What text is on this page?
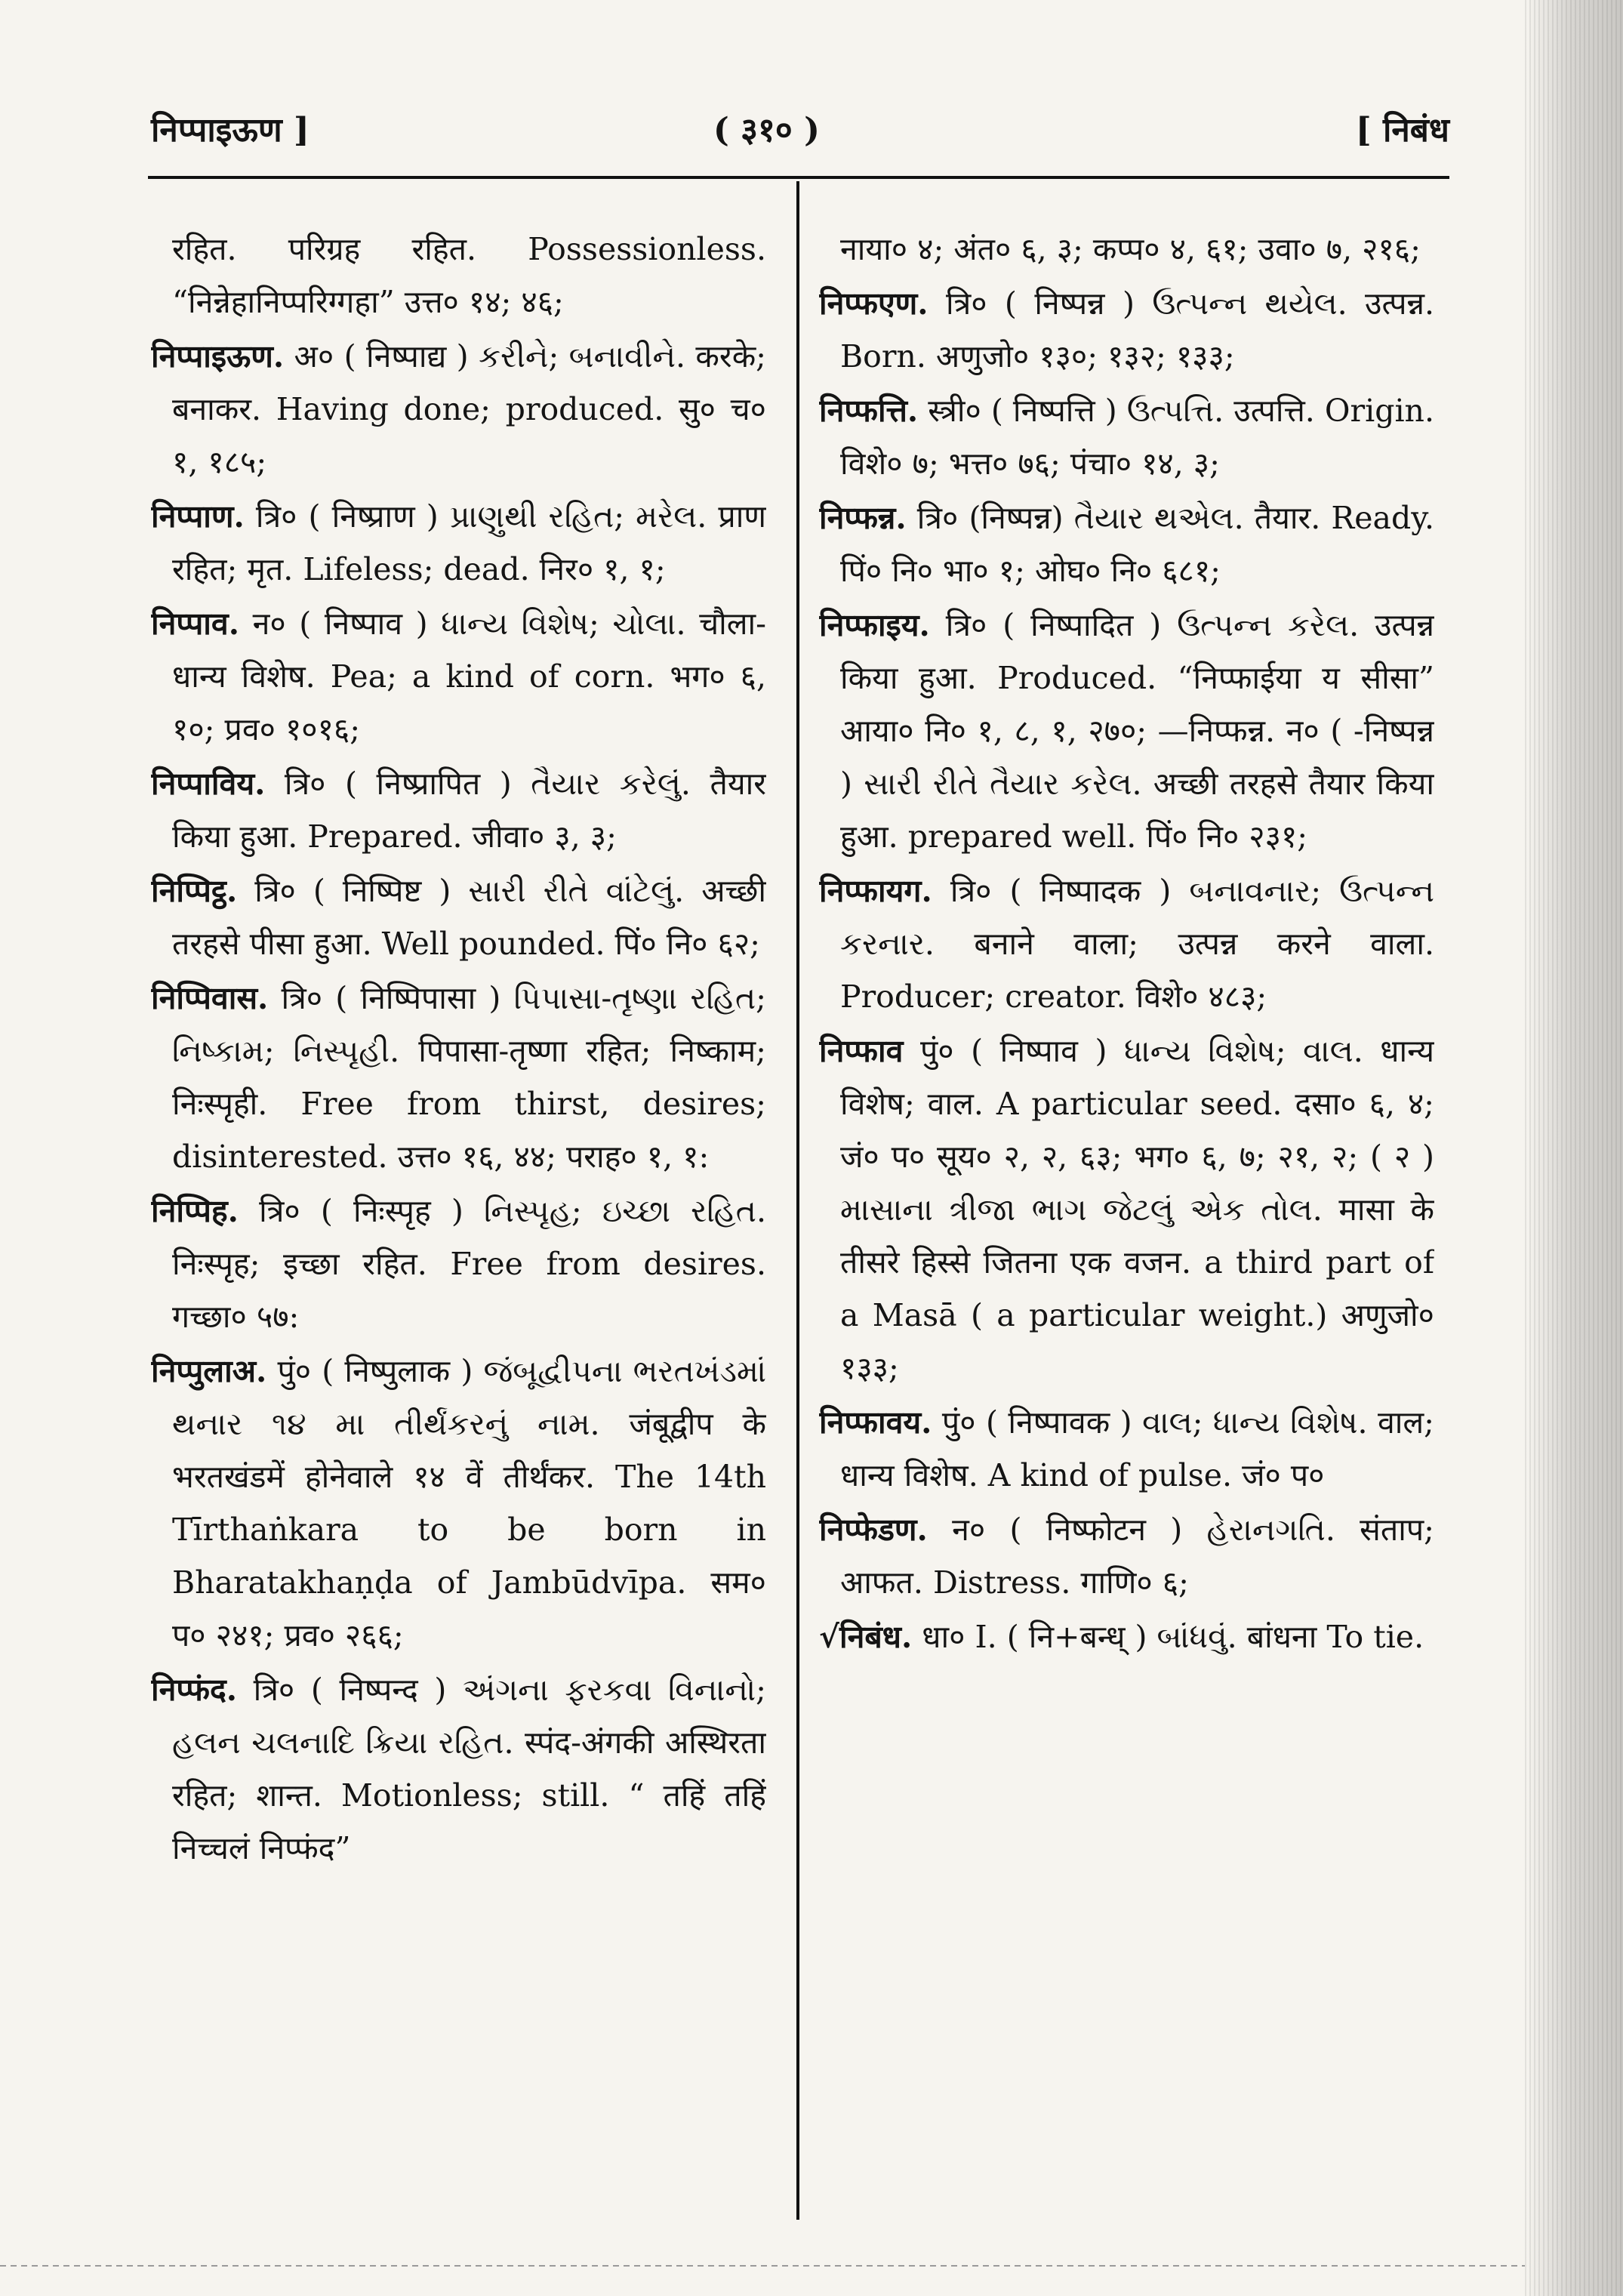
निप्पाइऊण ]	( ३१० )	[ निबंध
रहित. परिग्रह रहित. Possessionless. “निन्नेहानिप्परिग्गहा” उत्त० १४; ४६;
निप्पाइऊण. अ० ( निष्पाद्य ) કરીને; બનાવીને. करके; बनाकर. Having done; produced. सु० च० १, १८५;
निप्पाण. त्रि० ( निष्प्राण ) પ્રાણુથી રહિત; મરેલ. प्राण रहित; मृत. Lifeless; dead. निर० १, १;
निप्पाव. न० ( निष्पाव ) ધાન્ય વિશેષ; ચોલા. चौला-धान्य विशेष. Pea; a kind of corn. भग० ६, १०; प्रव० १०१६;
निप्पाविय. त्रि० ( निष्प्रापित ) તૈયાર કરેલું. तैयार किया हुआ. Prepared. जीवा० ३, ३;
निप्पिट्ठ. त्रि० ( निष्पिष्ट ) સારી રીતે વાંટેલું. अच्छी तरहसे पीसा हुआ. Well pounded. पिं० नि० ६२;
निप्पिवास. त्रि० ( निष्पिपासा ) પિપાસા-તૃષ્ણા રહિત; નિષ્કામ; નિસ્પૃહી. पिपासा-तृष्णा रहित; निष्काम; निःस्पृही. Free from thirst, desires; disinterested. उत्त० १६, ४४; पराह० १, १:
निप्पिह. त्रि० ( निःस्पृह ) નિસ્પૃહ; ઇચ્છા રહિત. निःस्पृह; इच्छा रहित. Free from desires. गच्छा० ५७:
निप्पुलाअ. पुं० ( निष्पुलाक ) જંબૂદ્વીપના ભરતખંડમાં થનાર ૧૪ મા તીર્થંકરનું નામ. जंबूद्वीप के भरतखंडमें होनेवाले १४ वें तीर्थंकर. The 14th Tīrthaṅkara to be born in Bharatakhaṇḍa of Jambūdvīpa. सम० प० २४१; प्रव० २६६;
निप्फंद. त्रि० ( निष्पन्द ) અંગના ફરકવા વિનાનો; હલન ચલનાદિ ક્રિયા રહિત. स्पंद-अंगकी अस्थिरता रहित; शान्त. Motionless; still. “ तहिं तहिं निच्चलं निप्फंद”
नाया० ४; अंत० ६, ३; कप्प० ४, ६१; उवा० ७, २१६;
निप्फएण. त्रि० ( निष्पन्न ) ઉત્પન્ન થયેલ. उत्पन्न. Born. अणुजो० १३०; १३२; १३३;
निप्फत्ति. स्त्री० ( निष्पत्ति ) ઉત્પત્તિ. उत्पत्ति. Origin. विशे० ७; भत्त० ७६; पंचा० १४, ३;
निप्फन्न. त्रि० (निष्पन्न) તૈયાર થએલ. तैयार. Ready. पिं० नि० भा० १; ओघ० नि० ६८१;
निप्फाइय. त्रि० ( निष्पादित ) ઉત્પન્ન કરેલ. उत्पन्न किया हुआ. Produced. “निप्फाईया य सीसा” आया० नि० १, ८, १, २७०; —निप्फन्न. न० ( -निष्पन्न ) સારી રીતે તૈયાર કરેલ. अच्छी तरहसे तैयार किया हुआ. prepared well. पिं० नि० २३१;
निप्फायग. त्रि० ( निष्पादक ) બનાવનાર; ઉત્પન્ન કરનાર. बनाने वाला; उत्पन्न करने वाला. Producer; creator. विशे० ४८३;
निप्फाव पुं० ( निष्पाव ) ધાન્ય વિશેષ; વાલ. धान्य विशेष; वाल. A particular seed. दसा० ६, ४; जं० प० सूय० २, २, ६३; भग० ६, ७; २१, २; ( २ ) માસાના ત્રીજા ભાગ જેટલું એક તોલ. मासा के तीसरे हिस्से जितना एक वजन. a third part of a Masā ( a particular weight.) अणुजो० १३३;
निप्फावय. पुं० ( निष्पावक ) વાલ; ધાન્ય વિશેષ. वाल; धान्य विशेष. A kind of pulse. जं० प०
निप्फेडण. न० ( निष्फोटन ) હેરાનગતિ. संताप; आफत. Distress. गाणि० ६;
√निबंध. धा० I. ( नि+बन्ध् ) બાંધવું. बांधना To tie.
